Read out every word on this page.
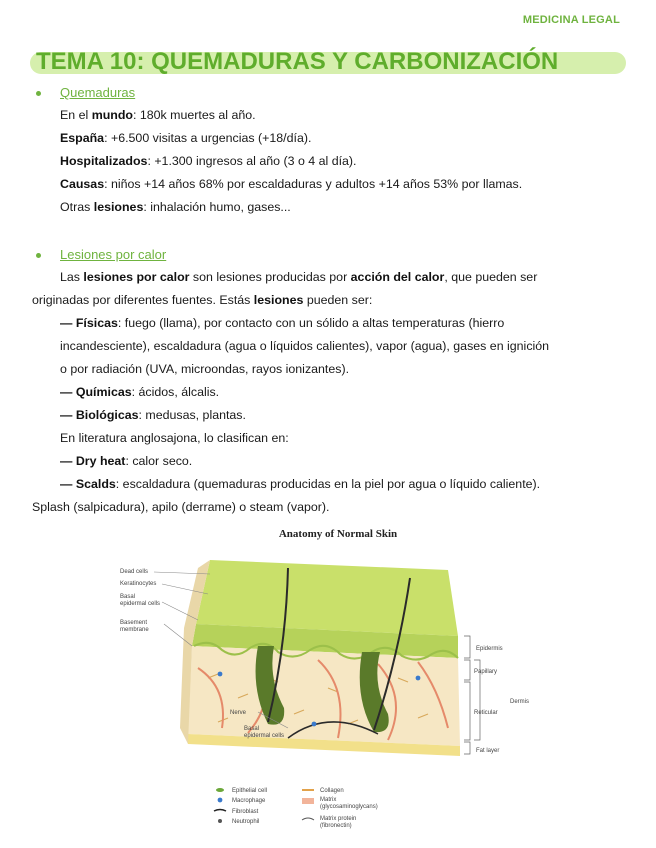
MEDICINA LEGAL
TEMA 10: QUEMADURAS Y CARBONIZACIÓN
Quemaduras
En el mundo: 180k muertes al año.
España: +6.500 visitas a urgencias (+18/día).
Hospitalizados: +1.300 ingresos al año (3 o 4 al día).
Causas: niños +14 años 68% por escaldaduras y adultos +14 años 53% por llamas.
Otras lesiones: inhalación humo, gases...
Lesiones por calor
Las lesiones por calor son lesiones producidas por acción del calor, que pueden ser
originadas por diferentes fuentes. Estás lesiones pueden ser:
— Físicas: fuego (llama), por contacto con un sólido a altas temperaturas (hierro
incandesciente), escaldadura (agua o líquidos calientes), vapor (agua), gases en ignición
o por radiación (UVA, microondas, rayos ionizantes).
— Químicas: ácidos, álcalis.
— Biológicas: medusas, plantas.
En literatura anglosajona, lo clasifican en:
— Dry heat: calor seco.
— Scalds: escaldadura (quemaduras producidas en la piel por agua o líquido caliente).
Splash (salpicadura), apilo (derrame) o steam (vapor).
Anatomy of Normal Skin
Dead cells
Keratinocytes
Basal
epidermal cells
Basement
membrane
Nerve
Basal
epidermal cells
Epidermis
Papillary
Reticular
Dermis
Fat layer
Epithelial cell
Macrophage
Fibroblast
Neutrophil
Collagen
Matrix
(glycosaminoglycans)
Matrix protein
(fibronectin)
